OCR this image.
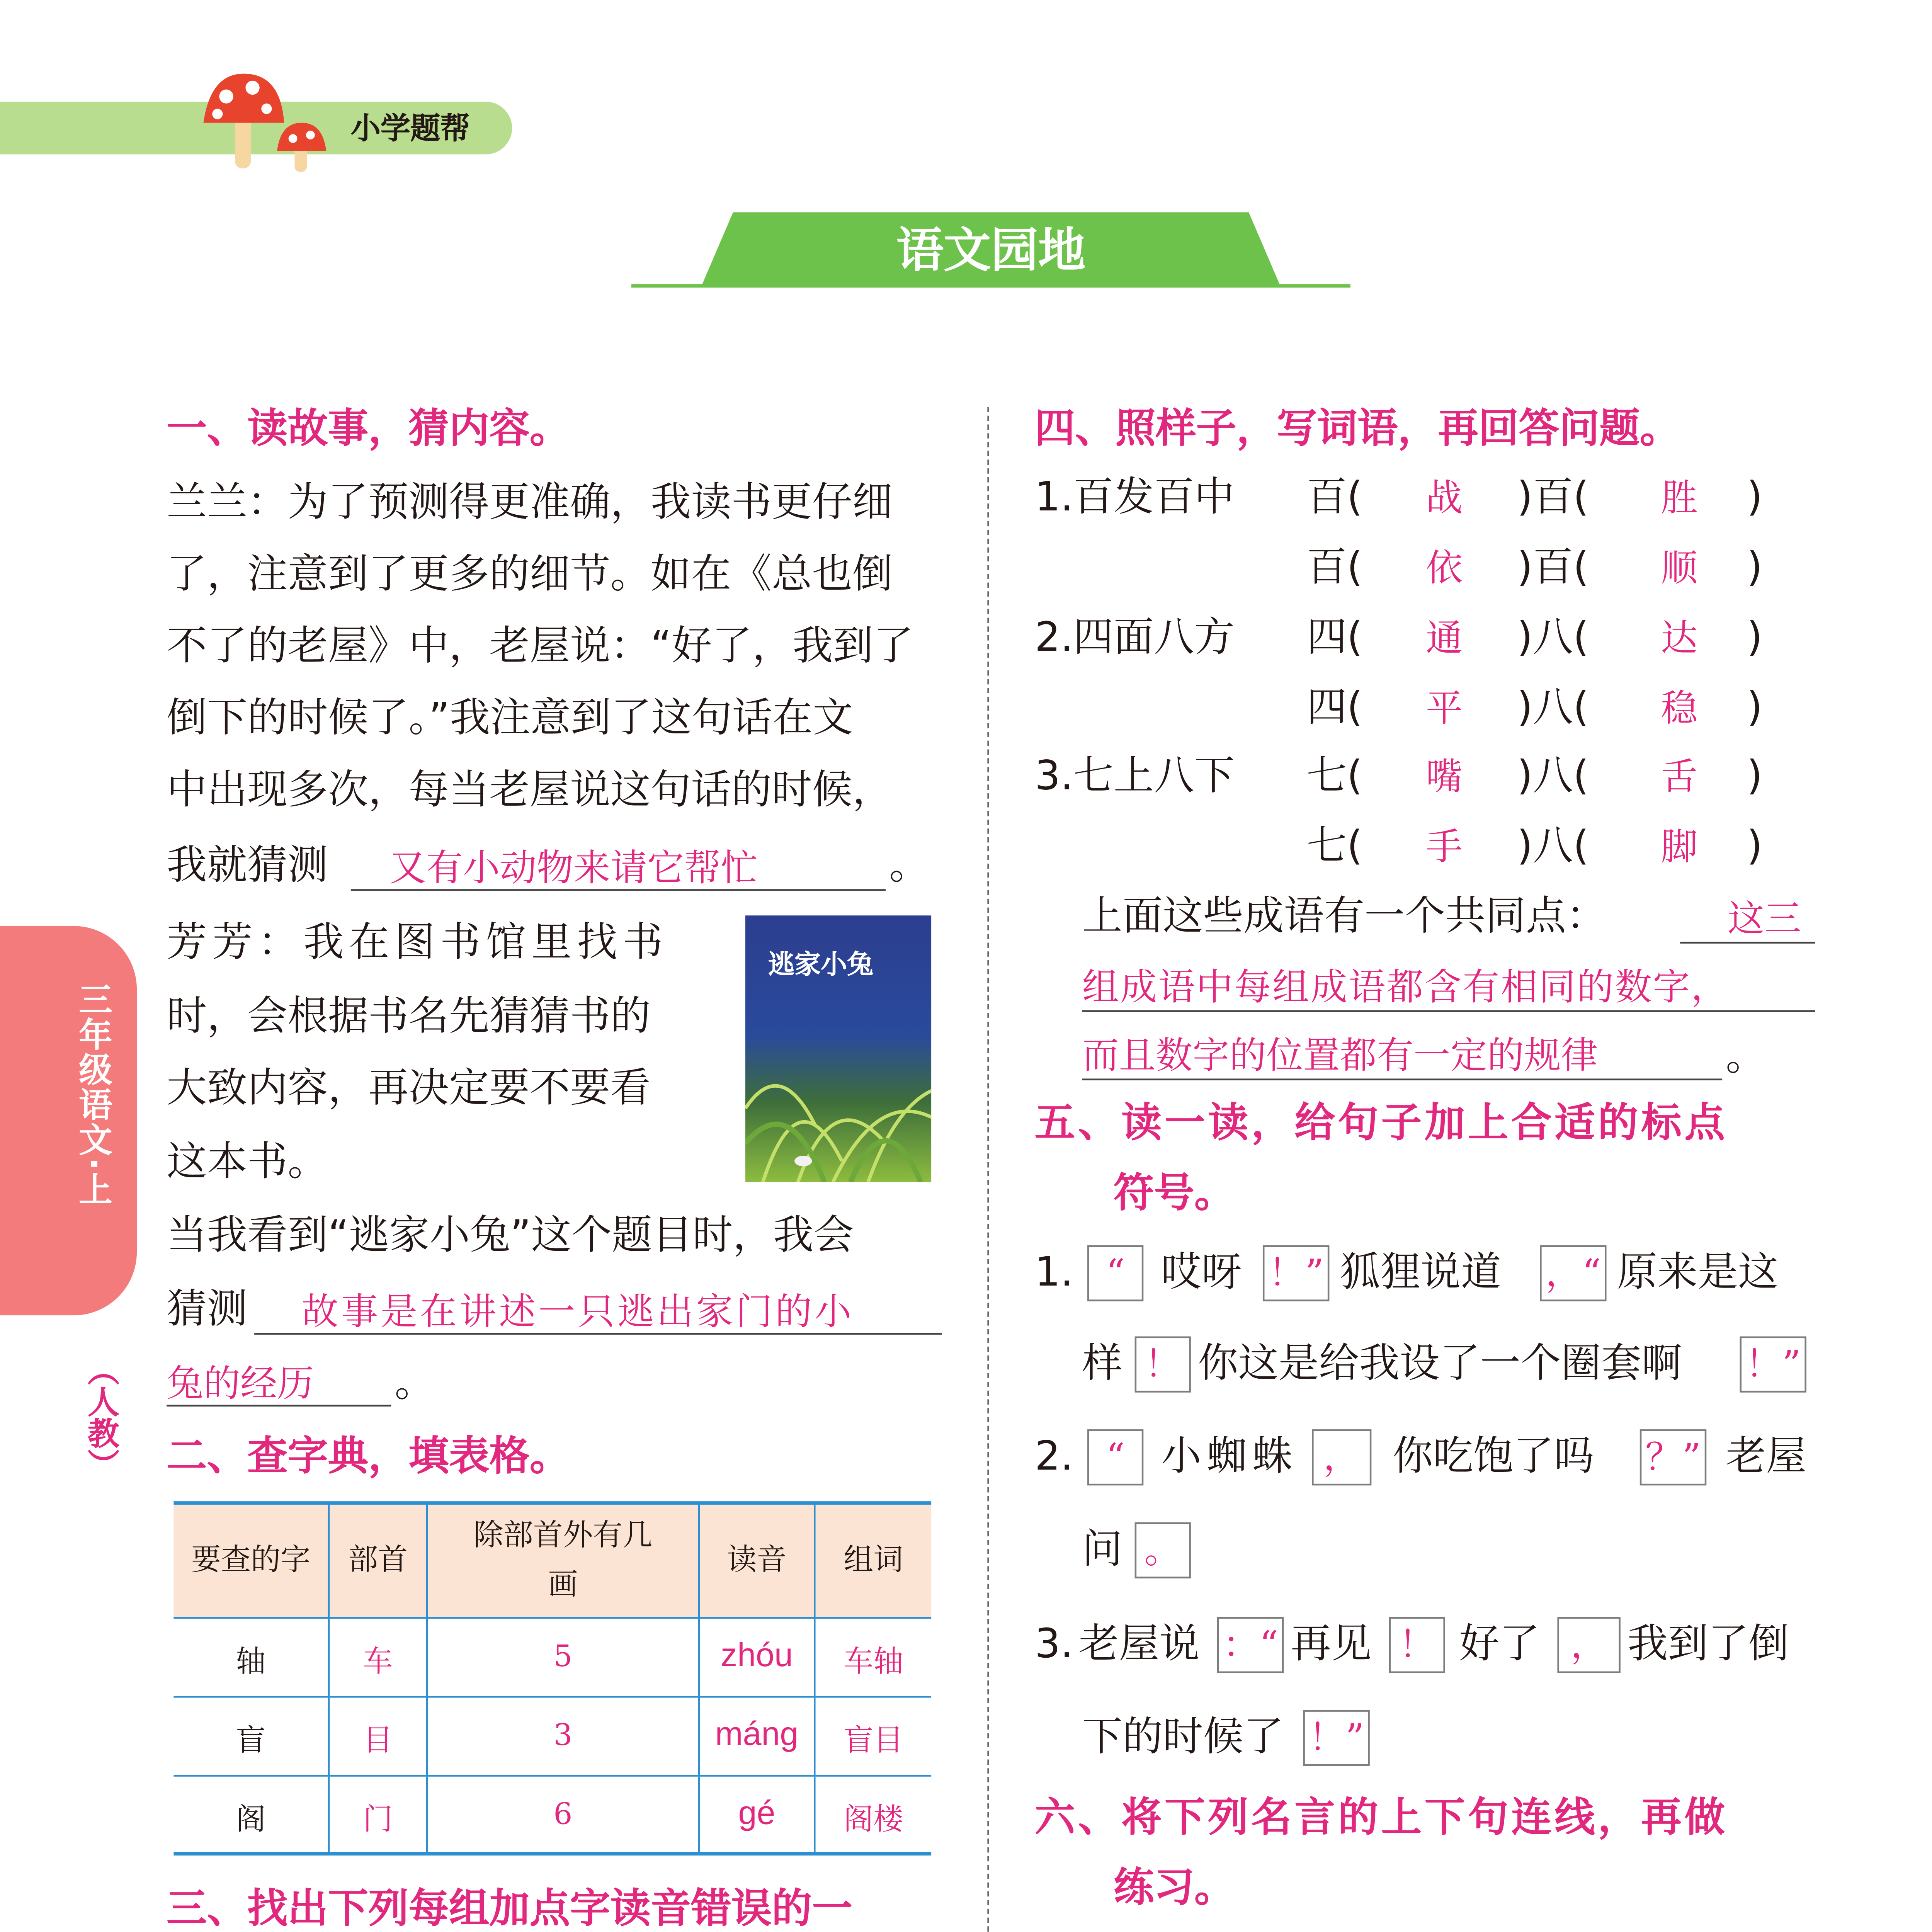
小学题帮
语文园地
三年级语文·上
（人教）
一、读故事，猜内容。
兰兰：为了预测得更准确，我读书更仔细
了，注意到了更多的细节。如在《总也倒
不了的老屋》中，老屋说：“好了，我到了
倒下的时候了。”我注意到了这句话在文
中出现多次，每当老屋说这句话的时候，
我就猜测	又有小动物来请它帮忙	。
芳芳：我在图书馆里找书
时，会根据书名先猜猜书的
大致内容，再决定要不要看
这本书。
逃家小兔
当我看到“逃家小兔”这个题目时，我会
猜测	故事是在讲述一只逃出家门的小
兔的经历	。
二、查字典，填表格。
要查的字	部首	除部首外有几画	读音	组词
轴	车	5	zhóu	车轴
盲	目	3	máng	盲目
阁	门	6	gé	阁楼
三、找出下列每组加点字读音错误的一
四、照样子，写词语，再回答问题。
1.百发百中	百(	战	)百(	胜	)
百(	依	)百(	顺	)
2.四面八方	四(	通	)八(	达	)
四(	平	)八(	稳	)
3.七上八下	七(	嘴	)八(	舌	)
七(	手	)八(	脚	)
上面这些成语有一个共同点：	这三
组成语中每组成语都含有相同的数字，
而且数字的位置都有一定的规律	。
五、读一读，给句子加上合适的标点
符号。
1.	“	哎呀	！”	狐狸说道	，“	原来是这
样	！	你这是给我设了一个圈套啊	！”
2.	“	小蜘蛛	，	你吃饱了吗	？”	老屋
问	。
3. 老屋说	：“	再见	！	好了	，	我到了倒
下的时候了	！”
六、将下列名言的上下句连线，再做
练习。
